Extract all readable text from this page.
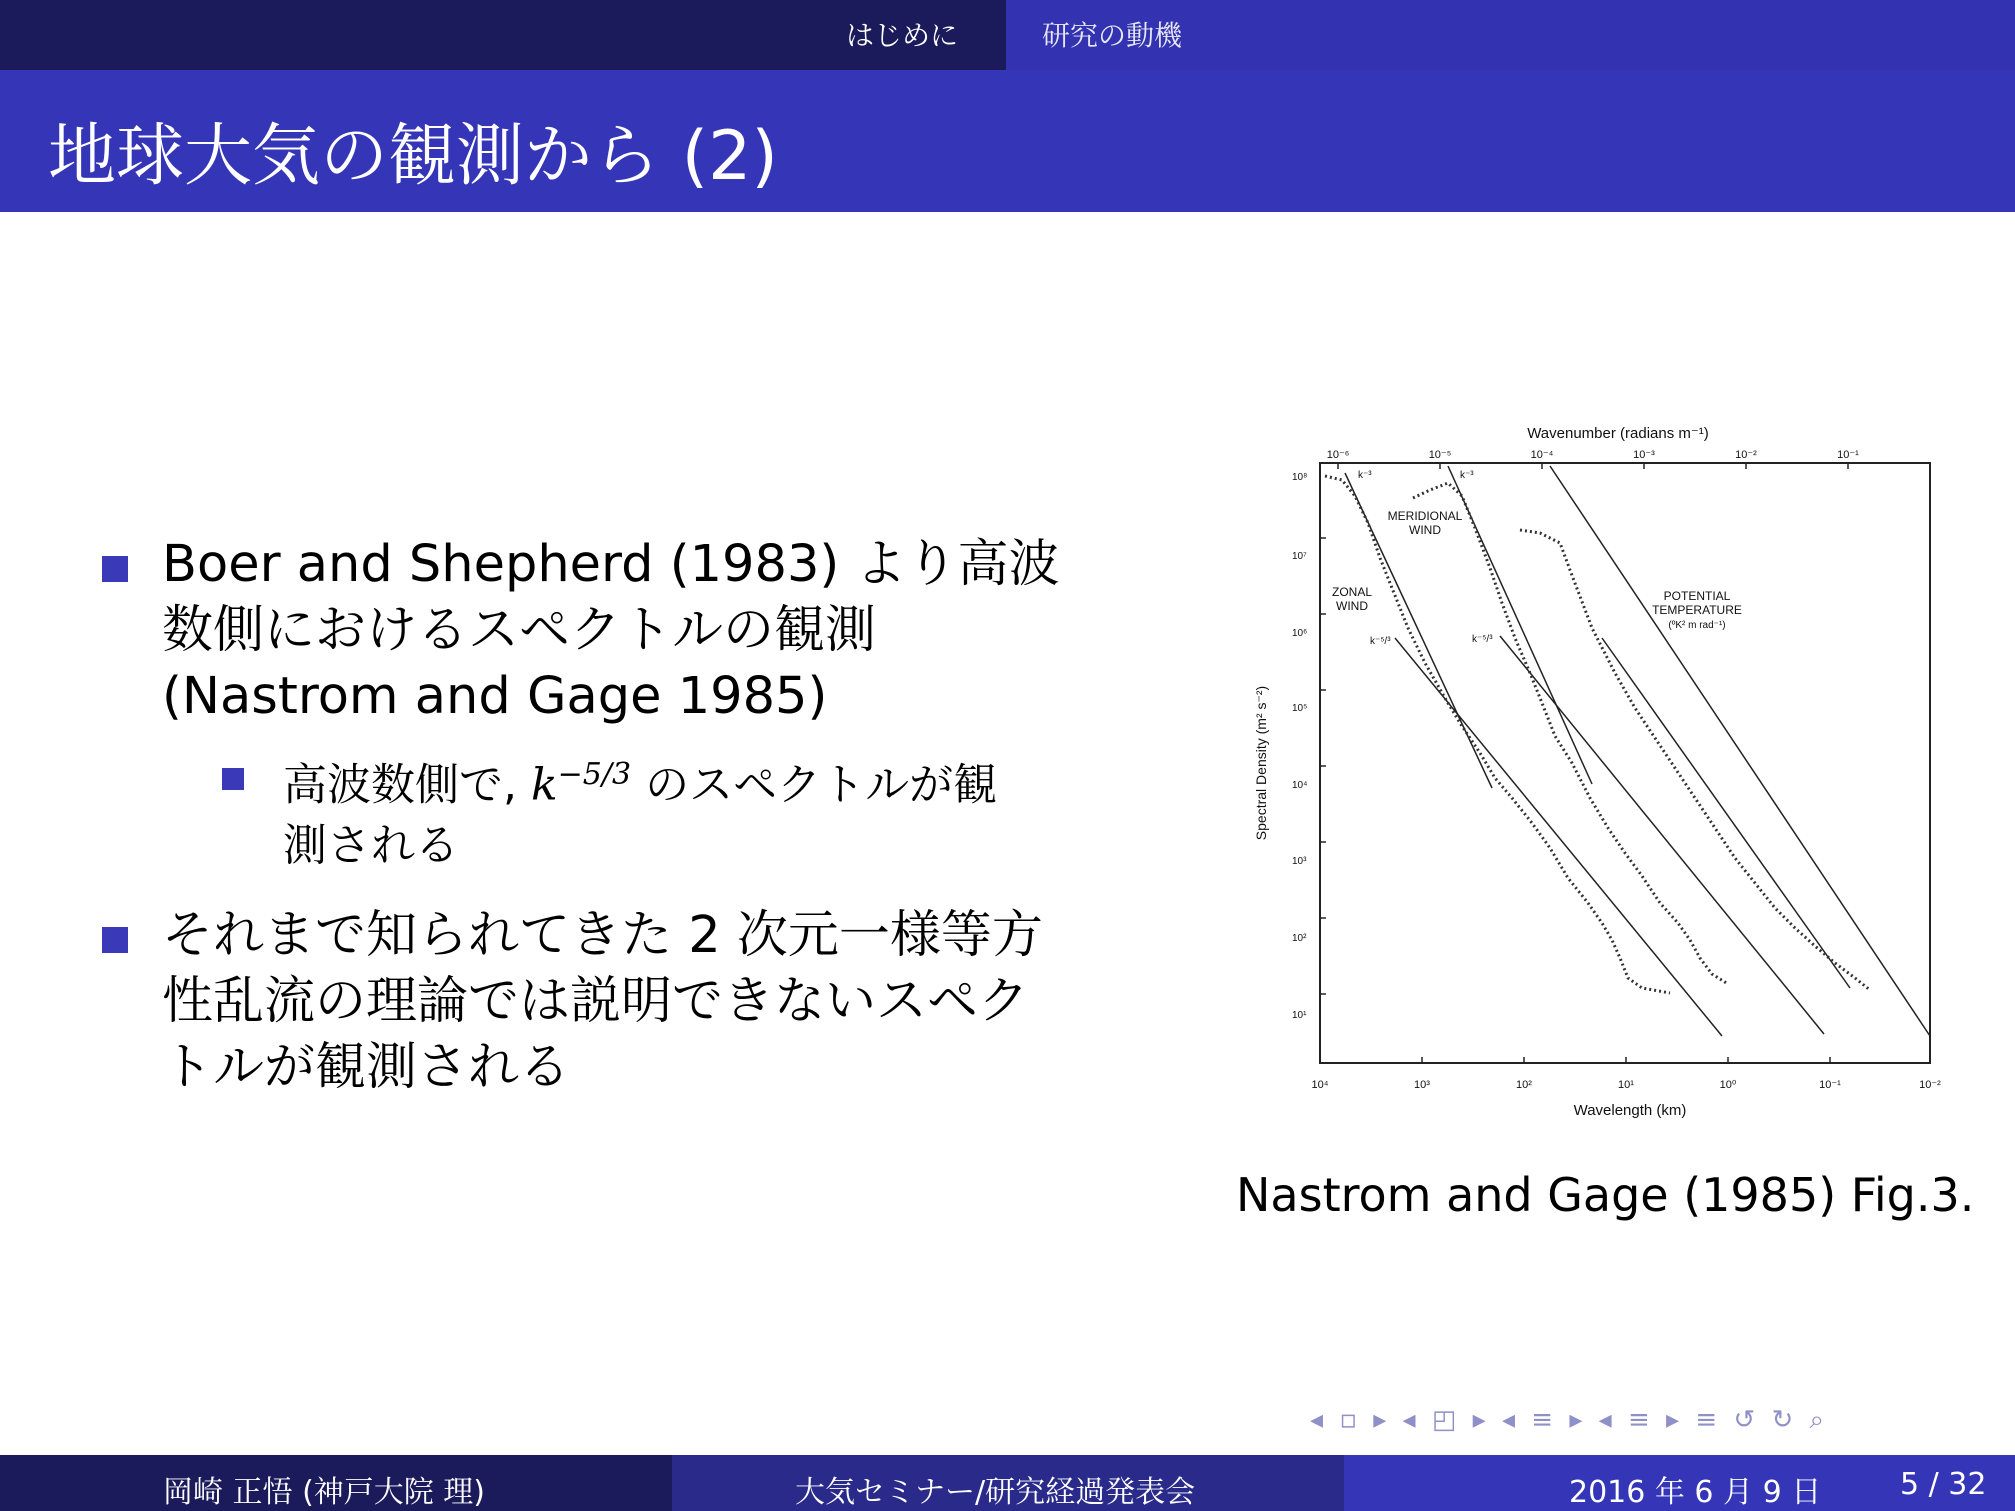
はじめに	研究の動機
地球大気の観測から (2)
Boer and Shepherd (1983) より高波
数側におけるスペクトルの観測
(Nastrom and Gage 1985)
高波数側で, $k^{-5/3}$ のスペクトルが観
測される
それまで知られてきた 2 次元一様等方
性乱流の理論では説明できないスペク
トルが観測される
Wavenumber (radians m⁻¹)
10⁻⁶	10⁻⁵	10⁻⁴	10⁻³	10⁻²	10⁻¹
10⁸
10⁷
10⁶
10⁵
10⁴
10³
10²
10¹
Spectral Density (m² s⁻²)
10⁴	10³	10²	10¹	10⁰	10⁻¹	10⁻²
Wavelength (km)
ZONAL
WIND
MERIDIONAL
WIND
POTENTIAL
TEMPERATURE
(ºK² m rad⁻¹)
k⁻³	k⁻³
k⁻⁵/³	k⁻⁵/³
Nastrom and Gage (1985) Fig.3.
◂ ▫ ▸ ◂ ◰ ▸ ◂ ≡ ▸ ◂ ≡ ▸ ≡ ↺ ↻ ⌕
岡崎 正悟 (神戸大院 理)	大気セミナー/研究経過発表会	2016 年 6 月 9 日	5 / 32
